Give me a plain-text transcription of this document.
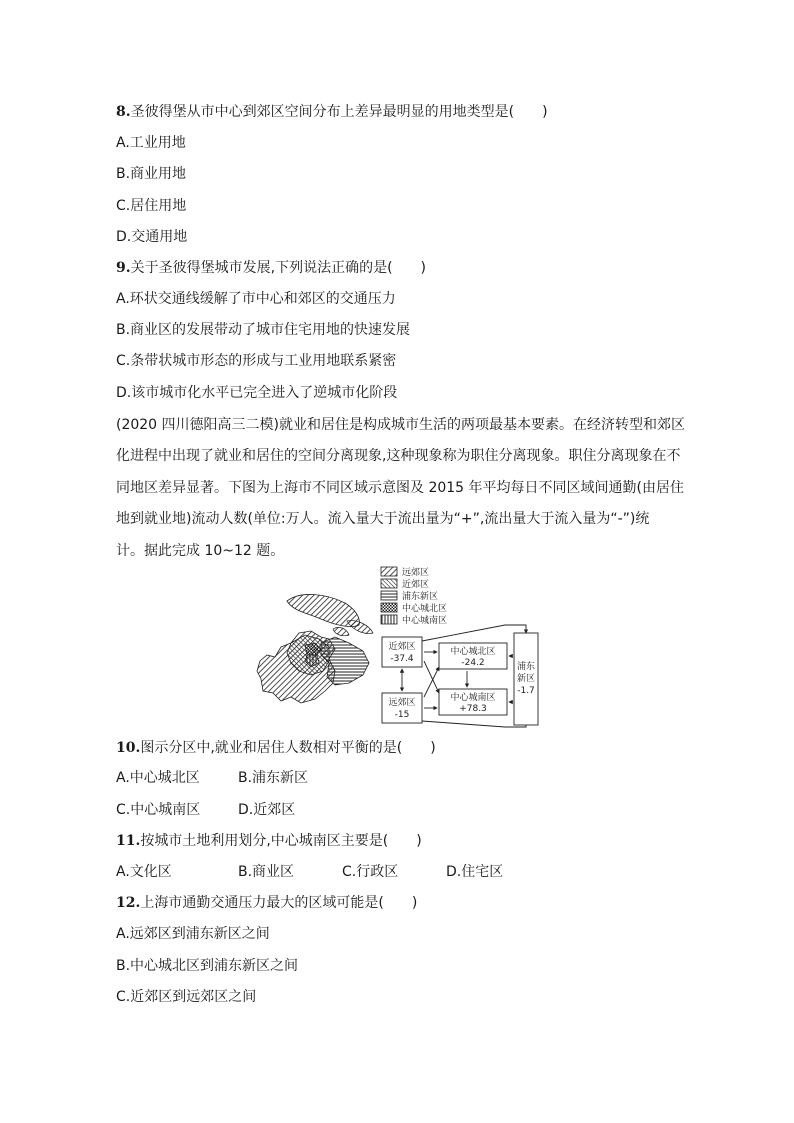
8.圣彼得堡从市中心到郊区空间分布上差异最明显的用地类型是(　　)
A.工业用地
B.商业用地
C.居住用地
D.交通用地
9.关于圣彼得堡城市发展,下列说法正确的是(　　)
A.环状交通线缓解了市中心和郊区的交通压力
B.商业区的发展带动了城市住宅用地的快速发展
C.条带状城市形态的形成与工业用地联系紧密
D.该市城市化水平已完全进入了逆城市化阶段
(2020 四川德阳高三二模)就业和居住是构成城市生活的两项最基本要素。在经济转型和郊区
化进程中出现了就业和居住的空间分离现象,这种现象称为职住分离现象。职住分离现象在不
同地区差异显著。下图为上海市不同区域示意图及 2015 年平均每日不同区域间通勤(由居住
地到就业地)流动人数(单位:万人。流入量大于流出量为“+”,流出量大于流入量为“-”)统
计。据此完成 10~12 题。
远郊区
近郊区
浦东新区
中心城北区
中心城南区
近郊区
-37.4
远郊区
-15
中心城北区
-24.2
中心城南区
+78.3
浦东
新区
-1.7
10.图示分区中,就业和居住人数相对平衡的是(　　)
A.中心城北区	B.浦东新区
C.中心城南区	D.近郊区
11.按城市土地利用划分,中心城南区主要是(　　)
A.文化区	B.商业区	C.行政区	D.住宅区
12.上海市通勤交通压力最大的区域可能是(　　)
A.远郊区到浦东新区之间
B.中心城北区到浦东新区之间
C.近郊区到远郊区之间
